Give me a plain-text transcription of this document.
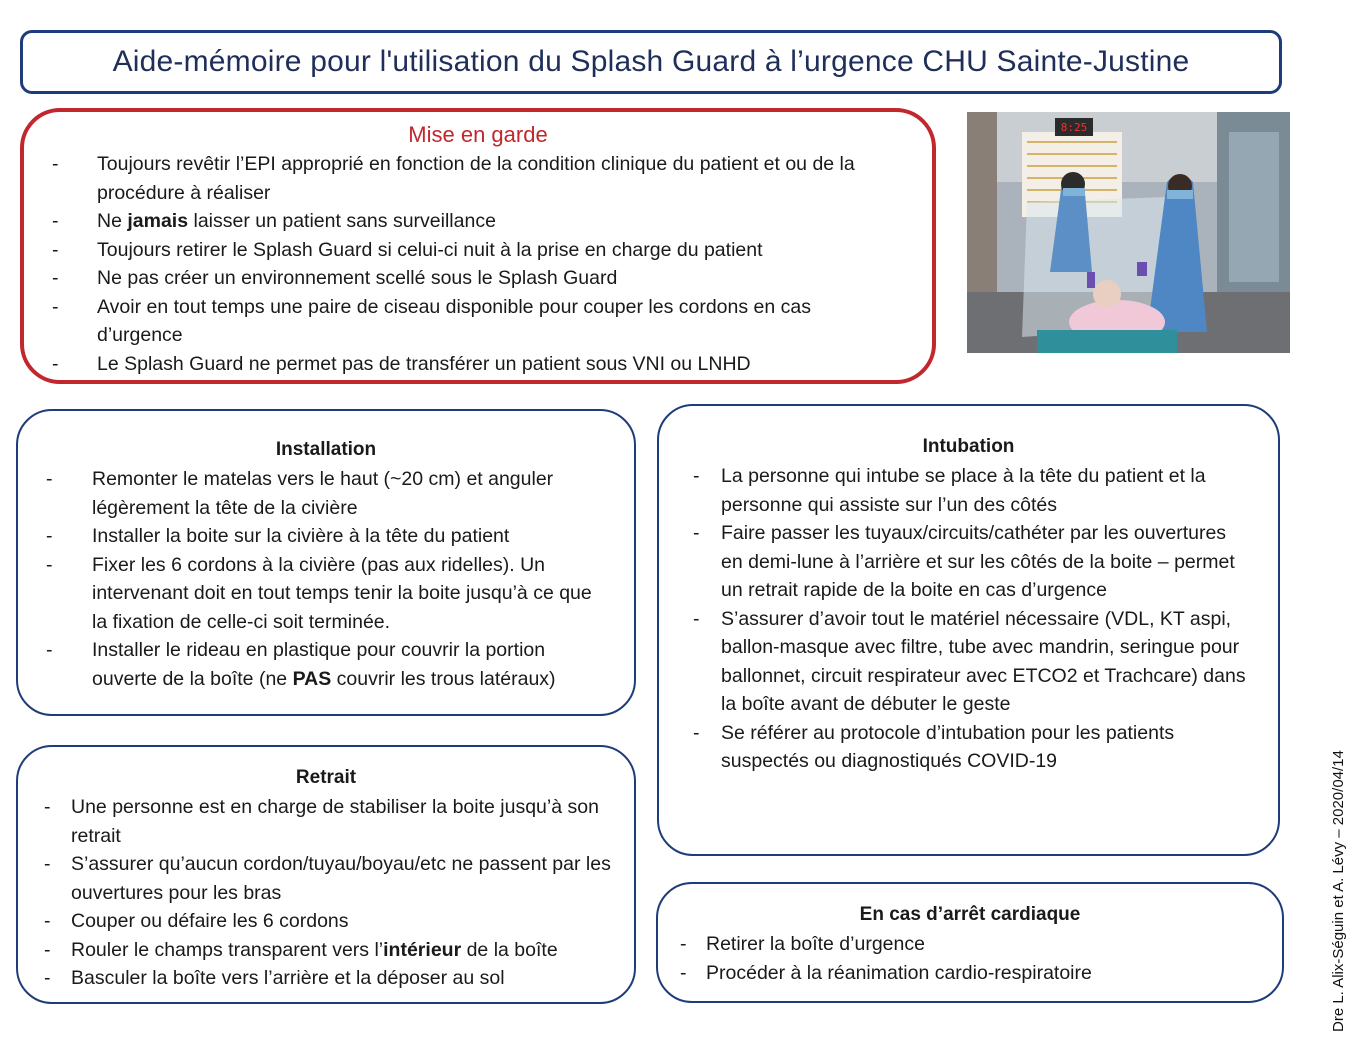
Aide-mémoire pour l'utilisation du Splash Guard à l’urgence CHU Sainte-Justine
Mise en garde
- Toujours revêtir l’EPI approprié en fonction de la condition clinique du patient et ou de la procédure à réaliser
- Ne jamais laisser un patient sans surveillance
- Toujours retirer le Splash Guard si celui-ci nuit à la prise en charge du patient
- Ne pas créer un environnement scellé sous le Splash Guard
- Avoir en tout temps une paire de ciseau disponible pour couper les cordons en cas d’urgence
- Le Splash Guard ne permet pas de transférer un patient sous VNI ou LNHD
8:25
Installation
- Remonter le matelas vers le haut (~20 cm) et anguler légèrement la tête de la civière
- Installer la boite sur la civière à la tête du patient
- Fixer les 6 cordons à la civière (pas aux ridelles). Un intervenant doit en tout temps tenir la boite jusqu’à ce que la fixation de celle-ci soit terminée.
- Installer le rideau en plastique pour couvrir la portion ouverte de la boîte (ne PAS couvrir les trous latéraux)
Retrait
- Une personne est en charge de stabiliser la boite jusqu’à son retrait
- S’assurer qu’aucun cordon/tuyau/boyau/etc ne passent par les ouvertures pour les bras
- Couper ou défaire les 6 cordons
- Rouler le champs transparent vers l’intérieur de la boîte
- Basculer la boîte vers l’arrière et la déposer au sol
Intubation
- La personne qui intube se place à la tête du patient et la personne qui assiste sur l’un des côtés
- Faire passer les tuyaux/circuits/cathéter par les ouvertures en demi-lune à l’arrière et sur les côtés de la boite – permet un retrait rapide de la boite en cas d’urgence
- S’assurer d’avoir tout le matériel nécessaire (VDL, KT aspi, ballon-masque avec filtre, tube avec mandrin, seringue pour ballonnet, circuit respirateur avec ETCO2 et Trachcare) dans la boîte avant de débuter le geste
- Se référer au protocole d’intubation pour les patients suspectés ou diagnostiqués COVID-19
En cas d’arrêt cardiaque
- Retirer la boîte d’urgence
- Procéder à la réanimation cardio-respiratoire	Dre L. Alix-Séguin et A. Lévy – 2020/04/14
